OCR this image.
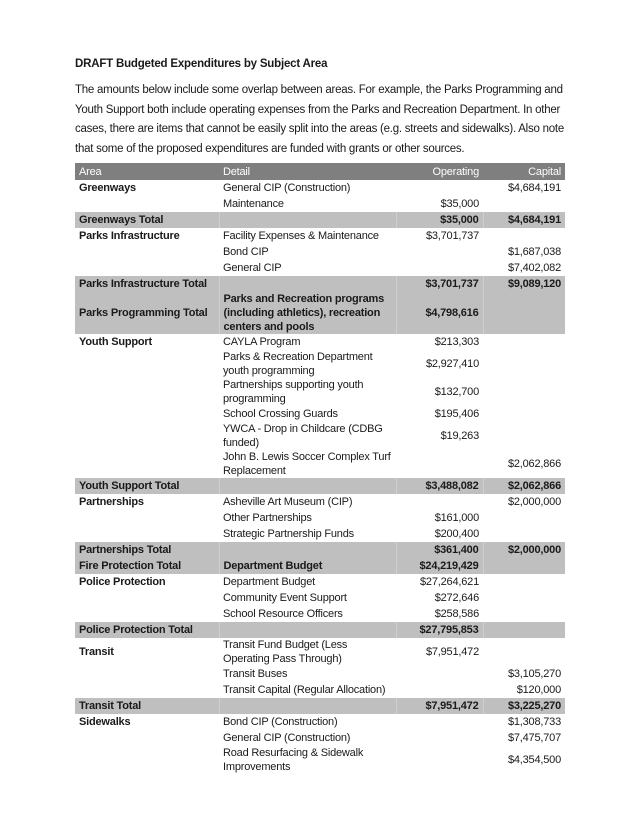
DRAFT Budgeted Expenditures by Subject Area
The amounts below include some overlap between areas. For example, the Parks Programming and Youth Support both include operating expenses from the Parks and Recreation Department. In other cases, there are items that cannot be easily split into the areas (e.g. streets and sidewalks). Also note that some of the proposed expenditures are funded with grants or other sources.
Area	Detail	Operating	Capital
Greenways	General CIP (Construction)		$4,684,191
	Maintenance	$35,000	
Greenways Total		$35,000	$4,684,191
Parks Infrastructure	Facility Expenses & Maintenance	$3,701,737	
	Bond CIP		$1,687,038
	General CIP		$7,402,082
Parks Infrastructure Total		$3,701,737	$9,089,120
Parks Programming Total	Parks and Recreation programs (including athletics), recreation centers and pools	$4,798,616	
Youth Support	CAYLA Program	$213,303	
	Parks & Recreation Department youth programming	$2,927,410	
	Partnerships supporting youth programming	$132,700	
	School Crossing Guards	$195,406	
	YWCA - Drop in Childcare (CDBG funded)	$19,263	
	John B. Lewis Soccer Complex Turf Replacement		$2,062,866
Youth Support Total		$3,488,082	$2,062,866
Partnerships	Asheville Art Museum (CIP)		$2,000,000
	Other Partnerships	$161,000	
	Strategic Partnership Funds	$200,400	
Partnerships Total		$361,400	$2,000,000
Fire Protection Total	Department Budget	$24,219,429	
Police Protection	Department Budget	$27,264,621	
	Community Event Support	$272,646	
	School Resource Officers	$258,586	
Police Protection Total		$27,795,853	
Transit	Transit Fund Budget (Less Operating Pass Through)	$7,951,472	
	Transit Buses		$3,105,270
	Transit Capital (Regular Allocation)		$120,000
Transit Total		$7,951,472	$3,225,270
Sidewalks	Bond CIP (Construction)		$1,308,733
	General CIP (Construction)		$7,475,707
	Road Resurfacing & Sidewalk Improvements		$4,354,500
